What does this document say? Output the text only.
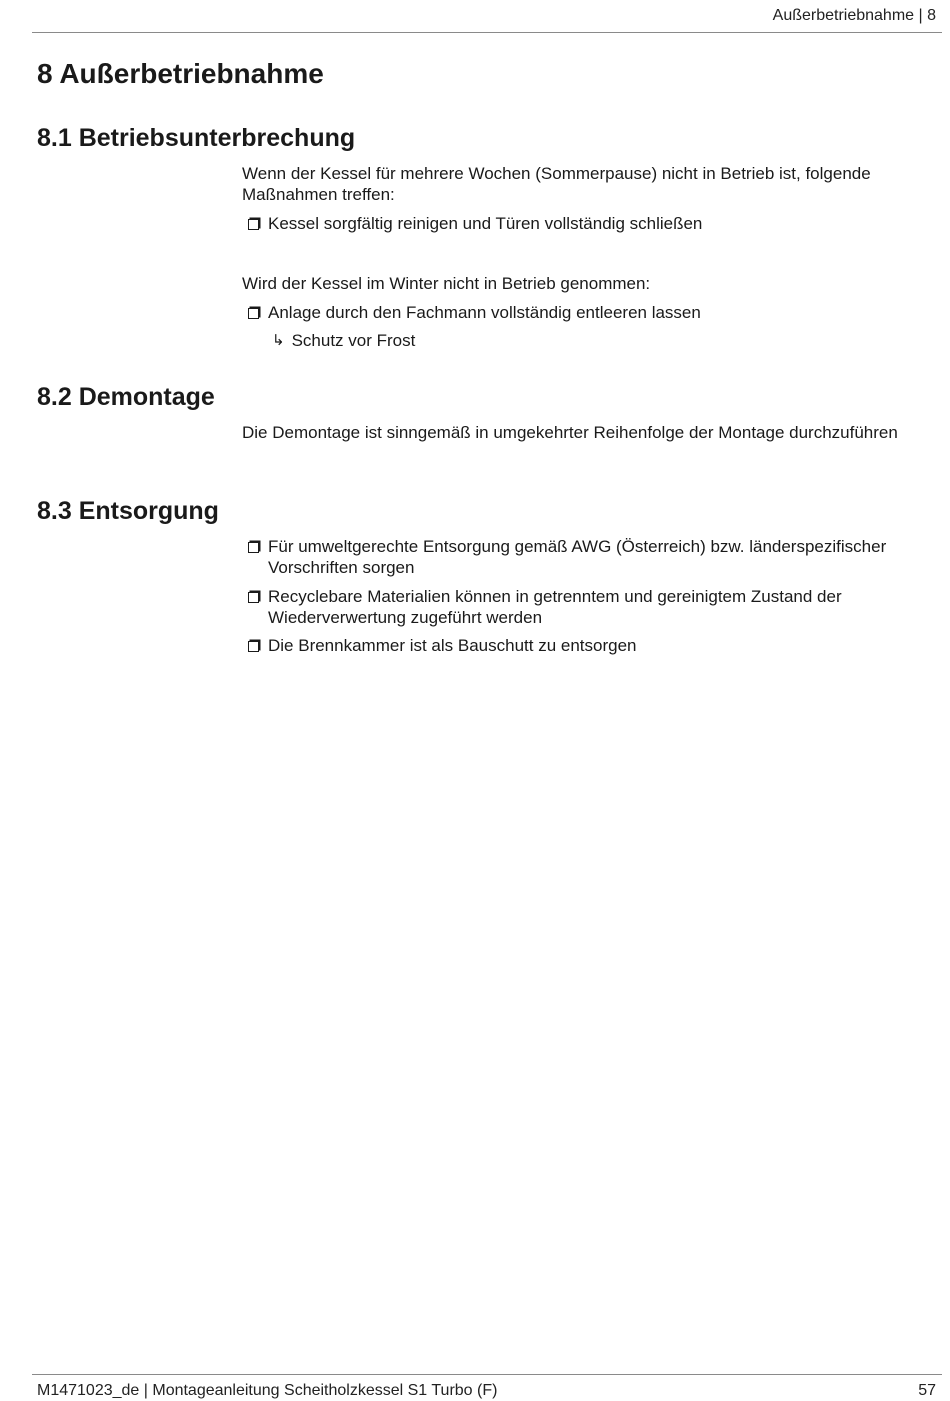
Außerbetriebnahme | 8
8 Außerbetriebnahme
8.1 Betriebsunterbrechung

Wenn der Kessel für mehrere Wochen (Sommerpause) nicht in Betrieb ist, folgende Maßnahmen treffen:

Kessel sorgfältig reinigen und Türen vollständig schließen

Wird der Kessel im Winter nicht in Betrieb genommen:

Anlage durch den Fachmann vollständig entleeren lassen
↳ Schutz vor Frost
8.2 Demontage

Die Demontage ist sinngemäß in umgekehrter Reihenfolge der Montage durchzuführen

8.3 Entsorgung
Für umweltgerechte Entsorgung gemäß AWG (Österreich) bzw. länderspezifischer Vorschriften sorgen
Recyclebare Materialien können in getrenntem und gereinigtem Zustand der Wiederverwertung zugeführt werden
Die Brennkammer ist als Bauschutt zu entsorgen
M1471023_de | Montageanleitung Scheitholzkessel S1 Turbo (F)	57
